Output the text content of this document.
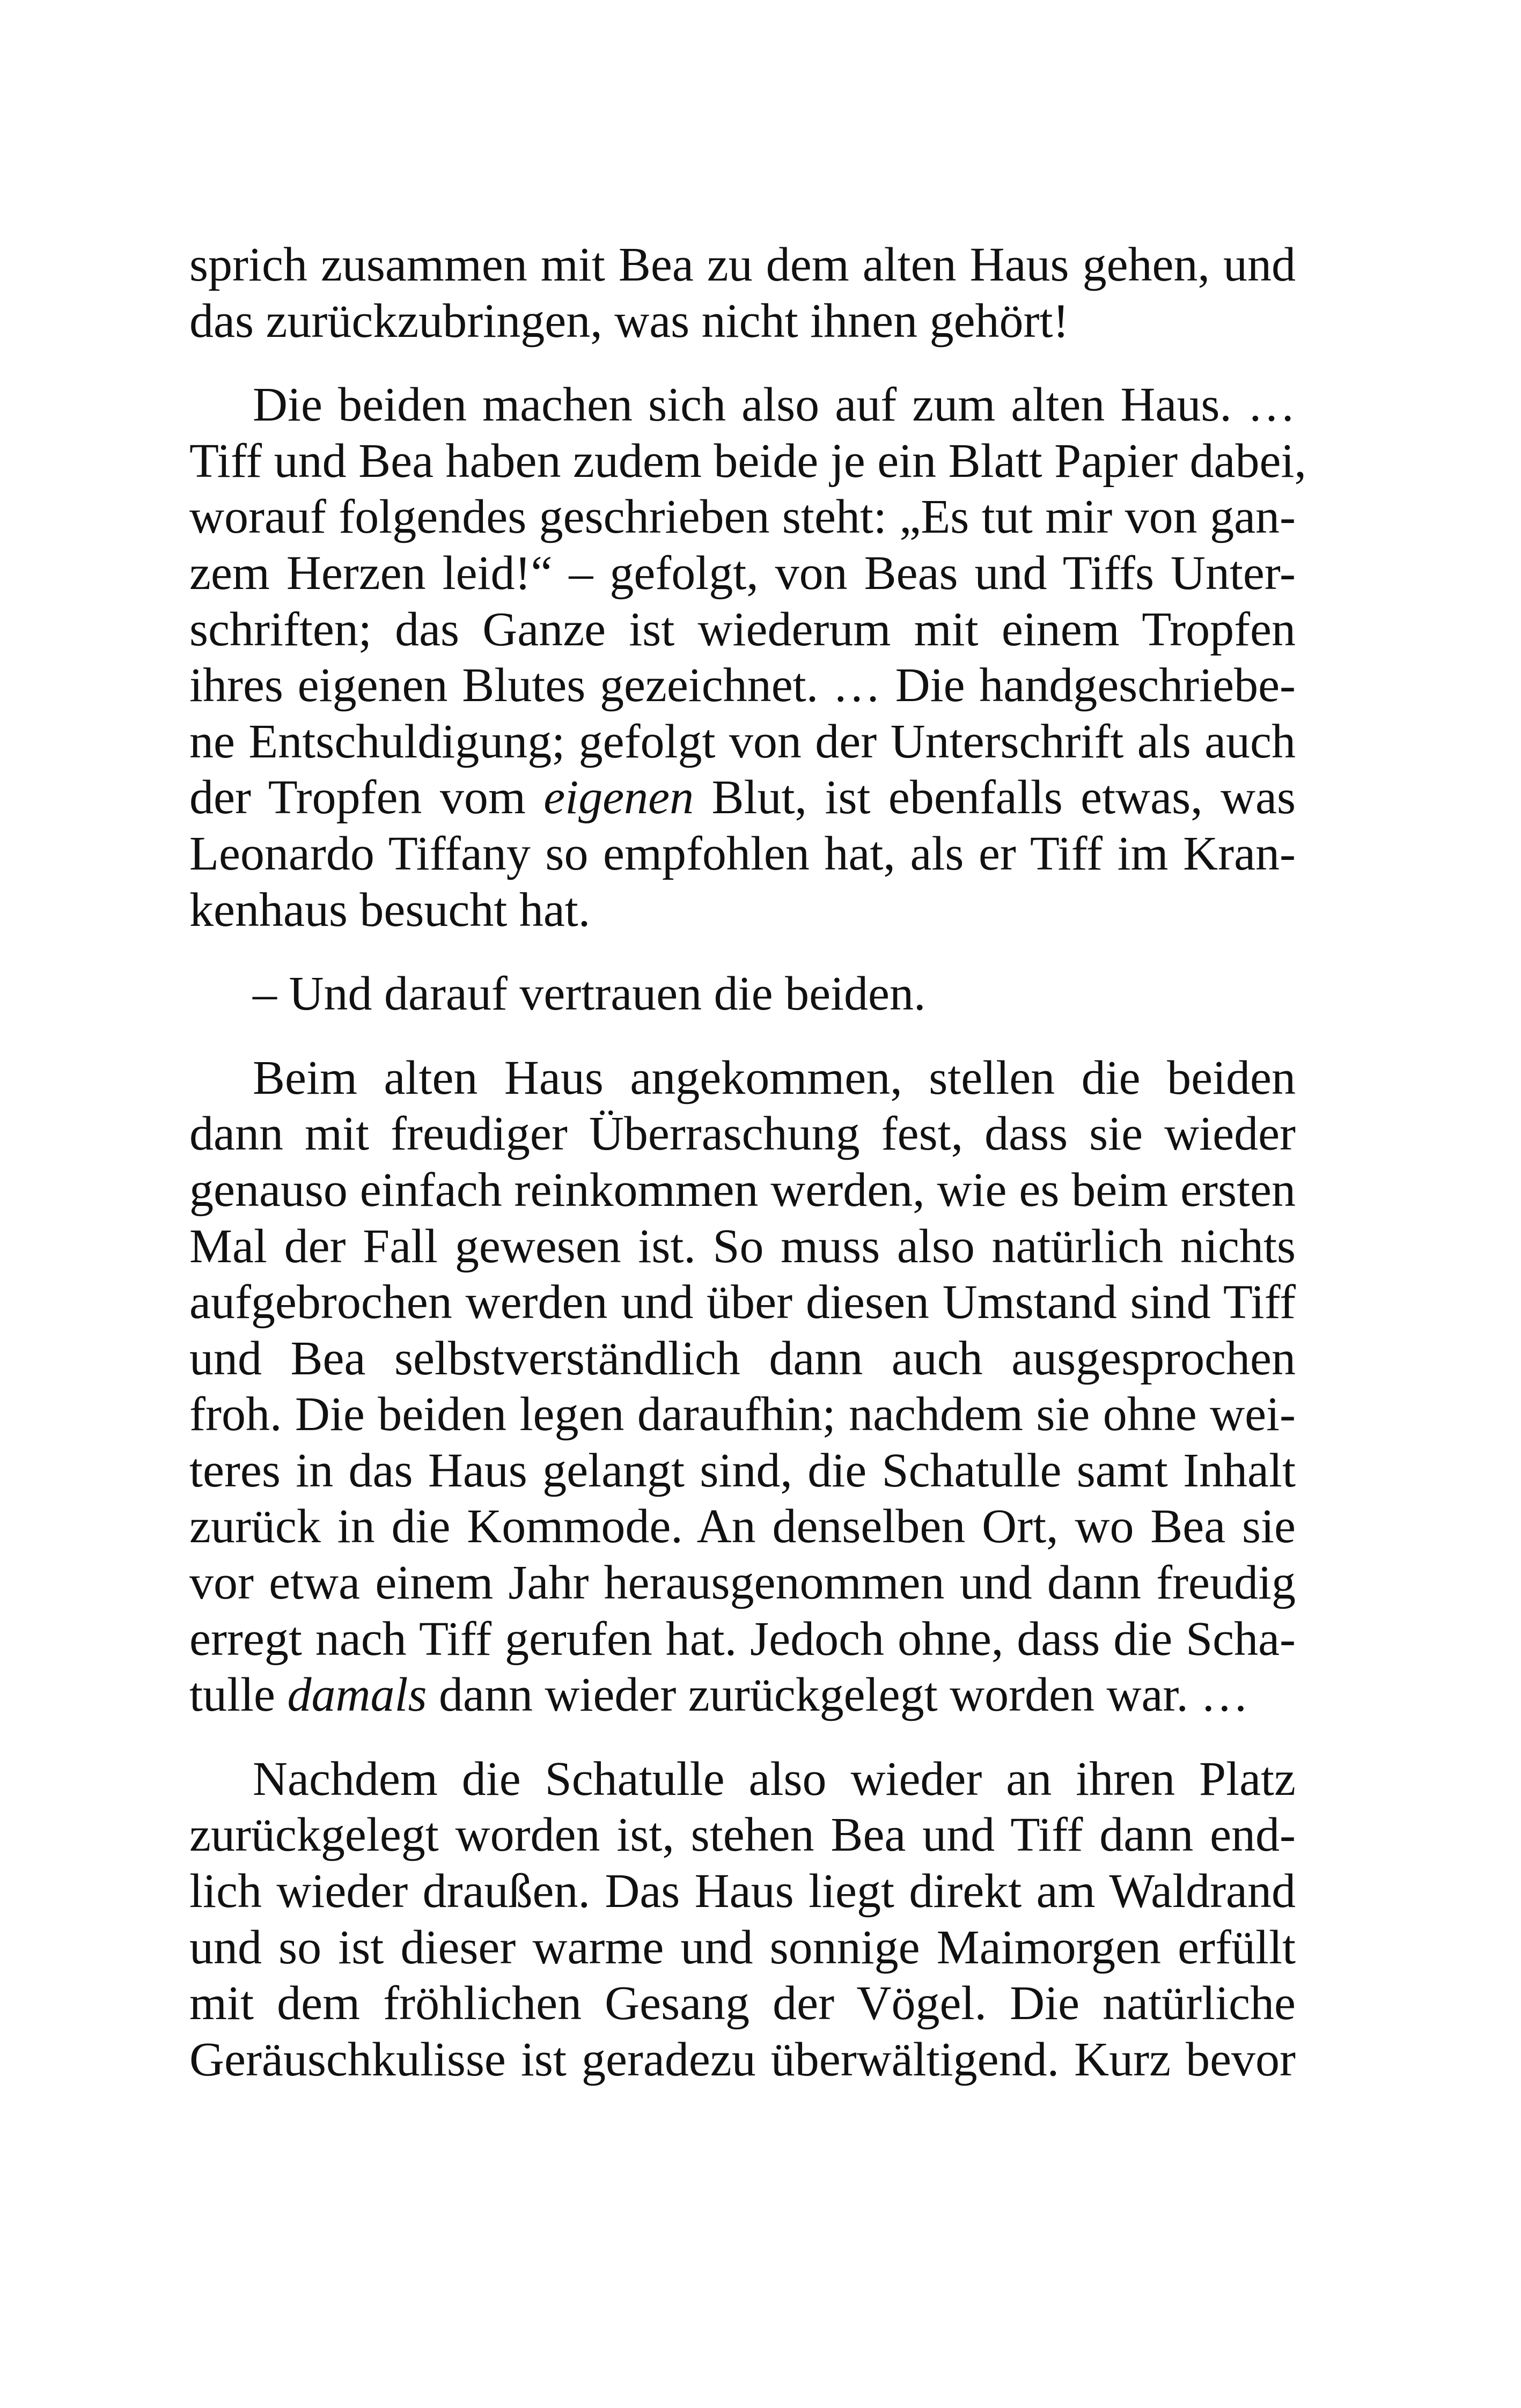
sprich zusammen mit Bea zu dem alten Haus gehen, und
das zurückzubringen, was nicht ihnen gehört!

Die beiden machen sich also auf zum alten Haus. …
Tiff und Bea haben zudem beide je ein Blatt Papier dabei,
worauf folgendes geschrieben steht: „Es tut mir von gan-
zem Herzen leid!“ – gefolgt, von Beas und Tiffs Unter-
schriften; das Ganze ist wiederum mit einem Tropfen
ihres eigenen Blutes gezeichnet. … Die handgeschriebe-
ne Entschuldigung; gefolgt von der Unterschrift als auch
der Tropfen vom eigenen Blut, ist ebenfalls etwas, was
Leonardo Tiffany so empfohlen hat, als er Tiff im Kran-
kenhaus besucht hat.

– Und darauf vertrauen die beiden.

Beim alten Haus angekommen, stellen die beiden
dann mit freudiger Überraschung fest, dass sie wieder
genauso einfach reinkommen werden, wie es beim ersten
Mal der Fall gewesen ist. So muss also natürlich nichts
aufgebrochen werden und über diesen Umstand sind Tiff
und Bea selbstverständlich dann auch ausgesprochen
froh. Die beiden legen daraufhin; nachdem sie ohne wei-
teres in das Haus gelangt sind, die Schatulle samt Inhalt
zurück in die Kommode. An denselben Ort, wo Bea sie
vor etwa einem Jahr herausgenommen und dann freudig
erregt nach Tiff gerufen hat. Jedoch ohne, dass die Scha-
tulle damals dann wieder zurückgelegt worden war. …

Nachdem die Schatulle also wieder an ihren Platz
zurückgelegt worden ist, stehen Bea und Tiff dann end-
lich wieder draußen. Das Haus liegt direkt am Waldrand
und so ist dieser warme und sonnige Maimorgen erfüllt
mit dem fröhlichen Gesang der Vögel. Die natürliche
Geräuschkulisse ist geradezu überwältigend. Kurz bevor
